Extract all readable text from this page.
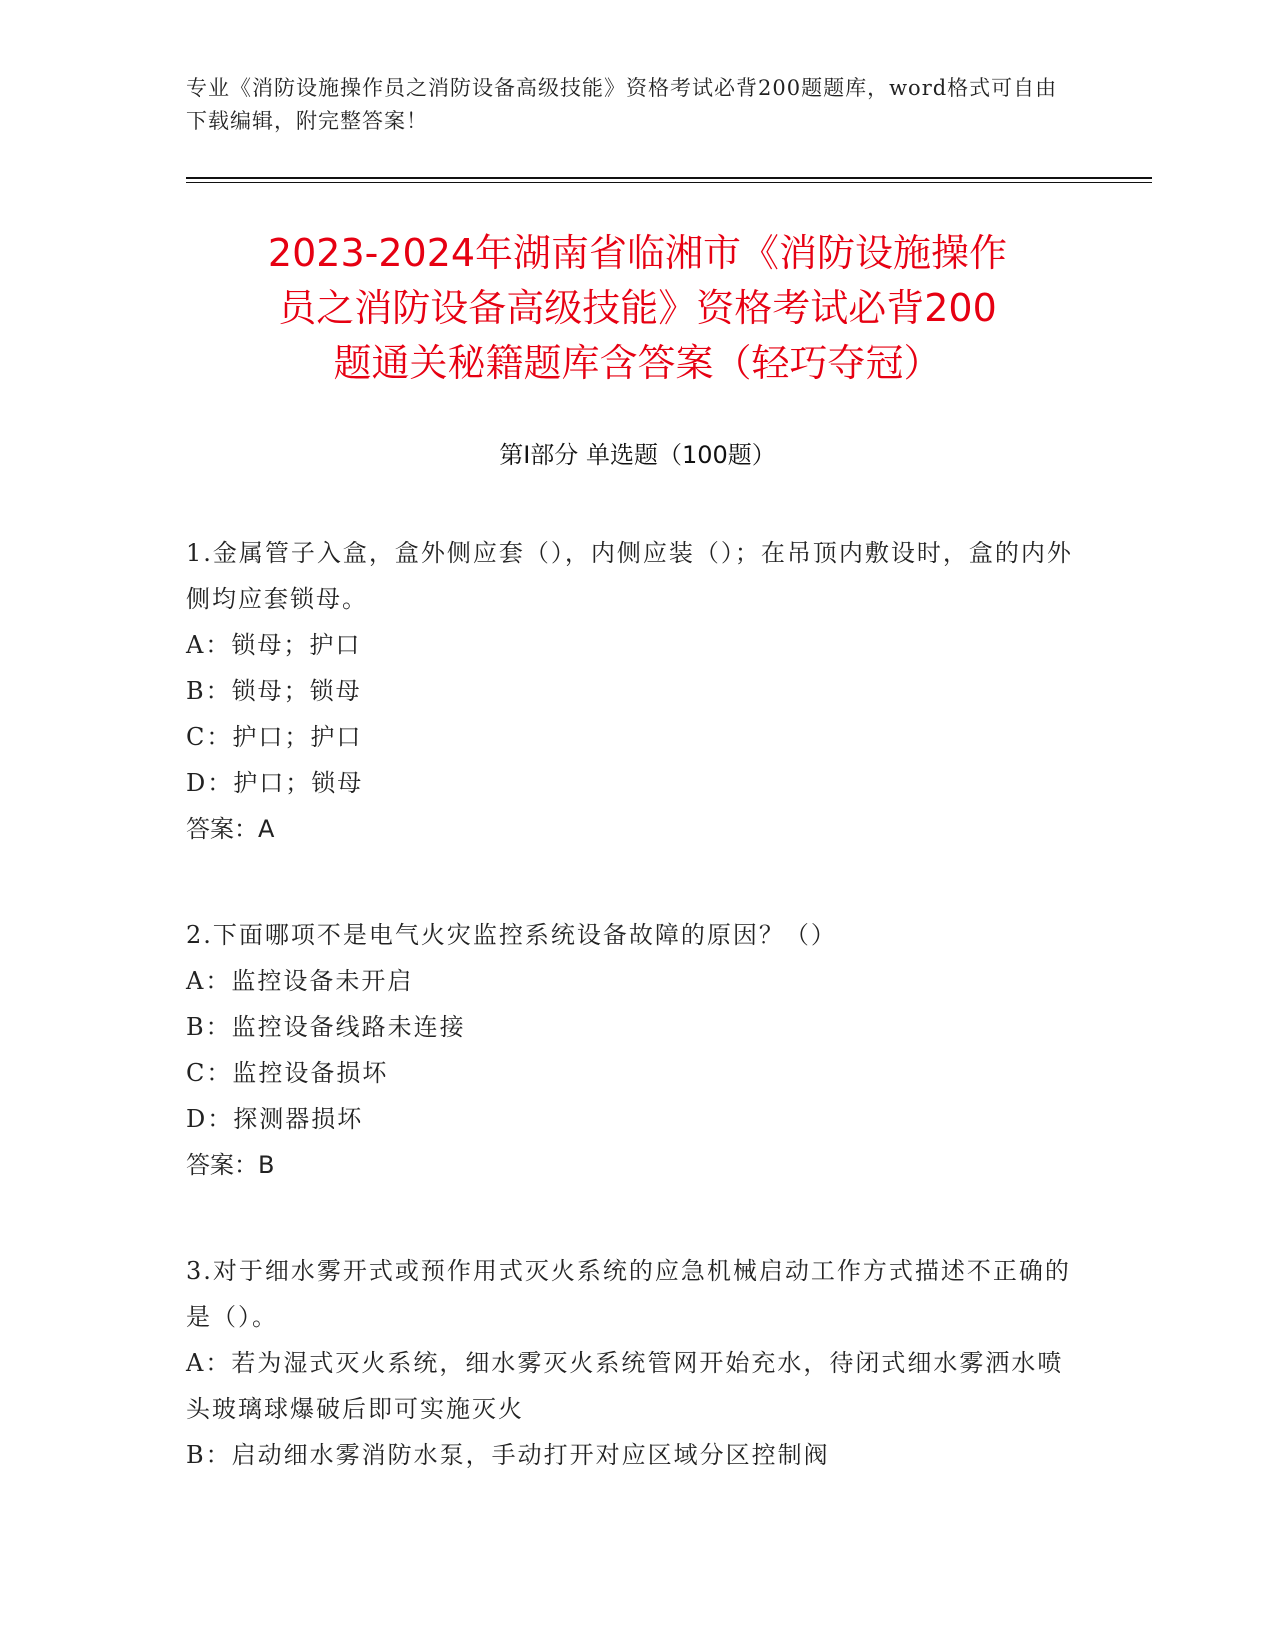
专业《消防设施操作员之消防设备高级技能》资格考试必背200题题库，word格式可自由下载编辑，附完整答案！
2023-2024年湖南省临湘市《消防设施操作
员之消防设备高级技能》资格考试必背200
题通关秘籍题库含答案（轻巧夺冠）
第Ⅰ部分 单选题（100题）
1.金属管子入盒，盒外侧应套（），内侧应装（）；在吊顶内敷设时，盒的内外侧均应套锁母。
A：锁母；护口
B：锁母；锁母
C：护口；护口
D：护口；锁母
答案：A
2.下面哪项不是电气火灾监控系统设备故障的原因？（）
A：监控设备未开启
B：监控设备线路未连接
C：监控设备损坏
D：探测器损坏
答案：B
3.对于细水雾开式或预作用式灭火系统的应急机械启动工作方式描述不正确的是（）。
A：若为湿式灭火系统，细水雾灭火系统管网开始充水，待闭式细水雾洒水喷头玻璃球爆破后即可实施灭火
B：启动细水雾消防水泵，手动打开对应区域分区控制阀
